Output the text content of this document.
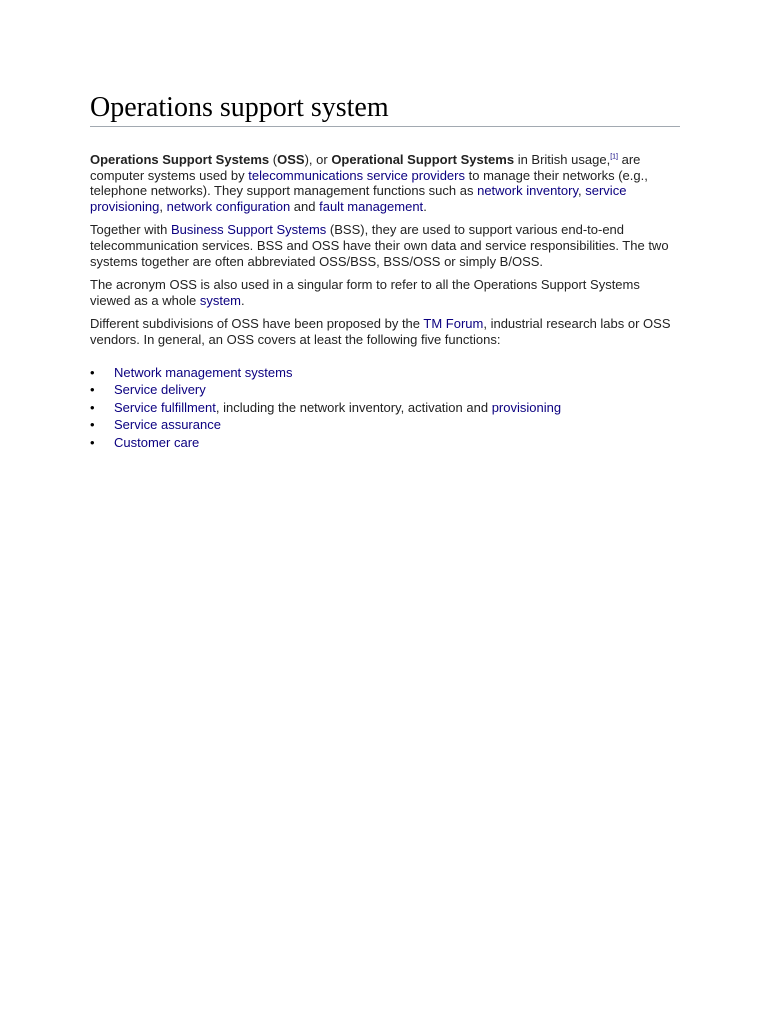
Operations support system

Operations Support Systems (OSS), or Operational Support Systems in British usage,[1] are computer systems used by telecommunications service providers to manage their networks (e.g., telephone networks). They support management functions such as network inventory, service provisioning, network configuration and fault management.

Together with Business Support Systems (BSS), they are used to support various end-to-end telecommunication services. BSS and OSS have their own data and service responsibilities. The two systems together are often abbreviated OSS/BSS, BSS/OSS or simply B/OSS.

The acronym OSS is also used in a singular form to refer to all the Operations Support Systems viewed as a whole system.

Different subdivisions of OSS have been proposed by the TM Forum, industrial research labs or OSS vendors. In general, an OSS covers at least the following five functions:

• Network management systems
• Service delivery
• Service fulfillment, including the network inventory, activation and provisioning
• Service assurance
• Customer care
